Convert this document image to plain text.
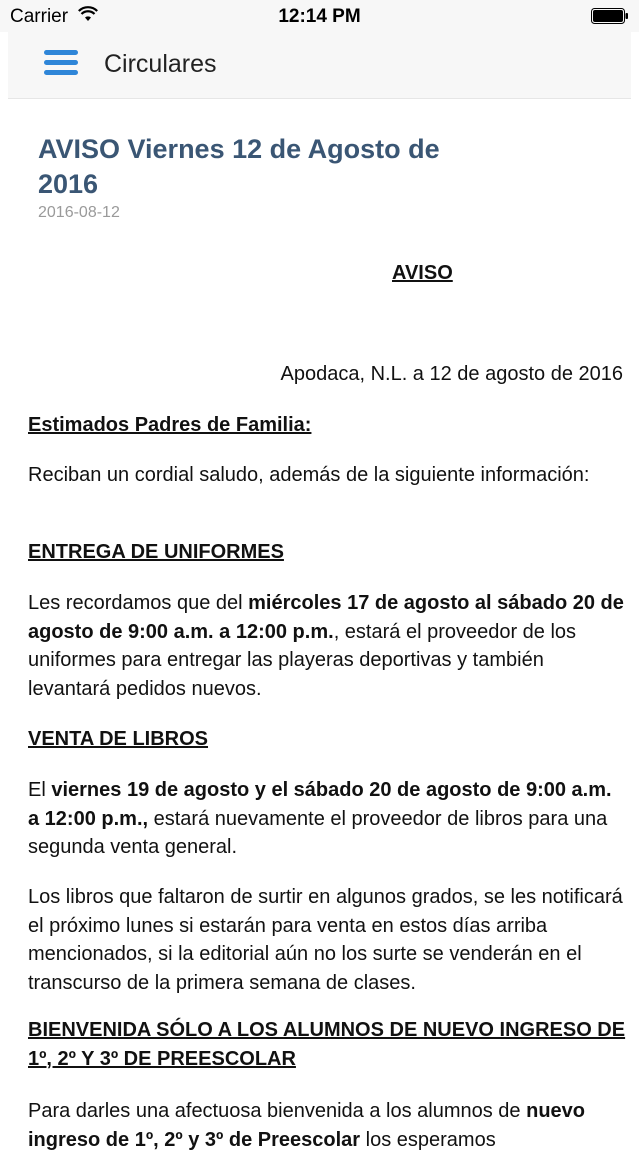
Carrier	12:14 PM
Circulares
AVISO Viernes 12 de Agosto de 2016
2016-08-12
AVISO
Apodaca, N.L. a 12 de agosto de 2016
Estimados Padres de Familia:
Reciban un cordial saludo, además de la siguiente información:
ENTREGA DE UNIFORMES
Les recordamos que del miércoles 17 de agosto al sábado 20 de agosto de 9:00 a.m. a 12:00 p.m., estará el proveedor de los uniformes para entregar las playeras deportivas y también levantará pedidos nuevos.
VENTA DE LIBROS
El viernes 19 de agosto y el sábado 20 de agosto de 9:00 a.m. a 12:00 p.m., estará nuevamente el proveedor de libros para una segunda venta general.
Los libros que faltaron de surtir en algunos grados, se les notificará el próximo lunes si estarán para venta en estos días arriba mencionados, si la editorial aún no los surte se venderán en el transcurso de la primera semana de clases.
BIENVENIDA SÓLO A LOS ALUMNOS DE NUEVO INGRESO DE 1º, 2º Y 3º DE PREESCOLAR
Para darles una afectuosa bienvenida a los alumnos de nuevo ingreso de 1º, 2º y 3º de Preescolar los esperamos
